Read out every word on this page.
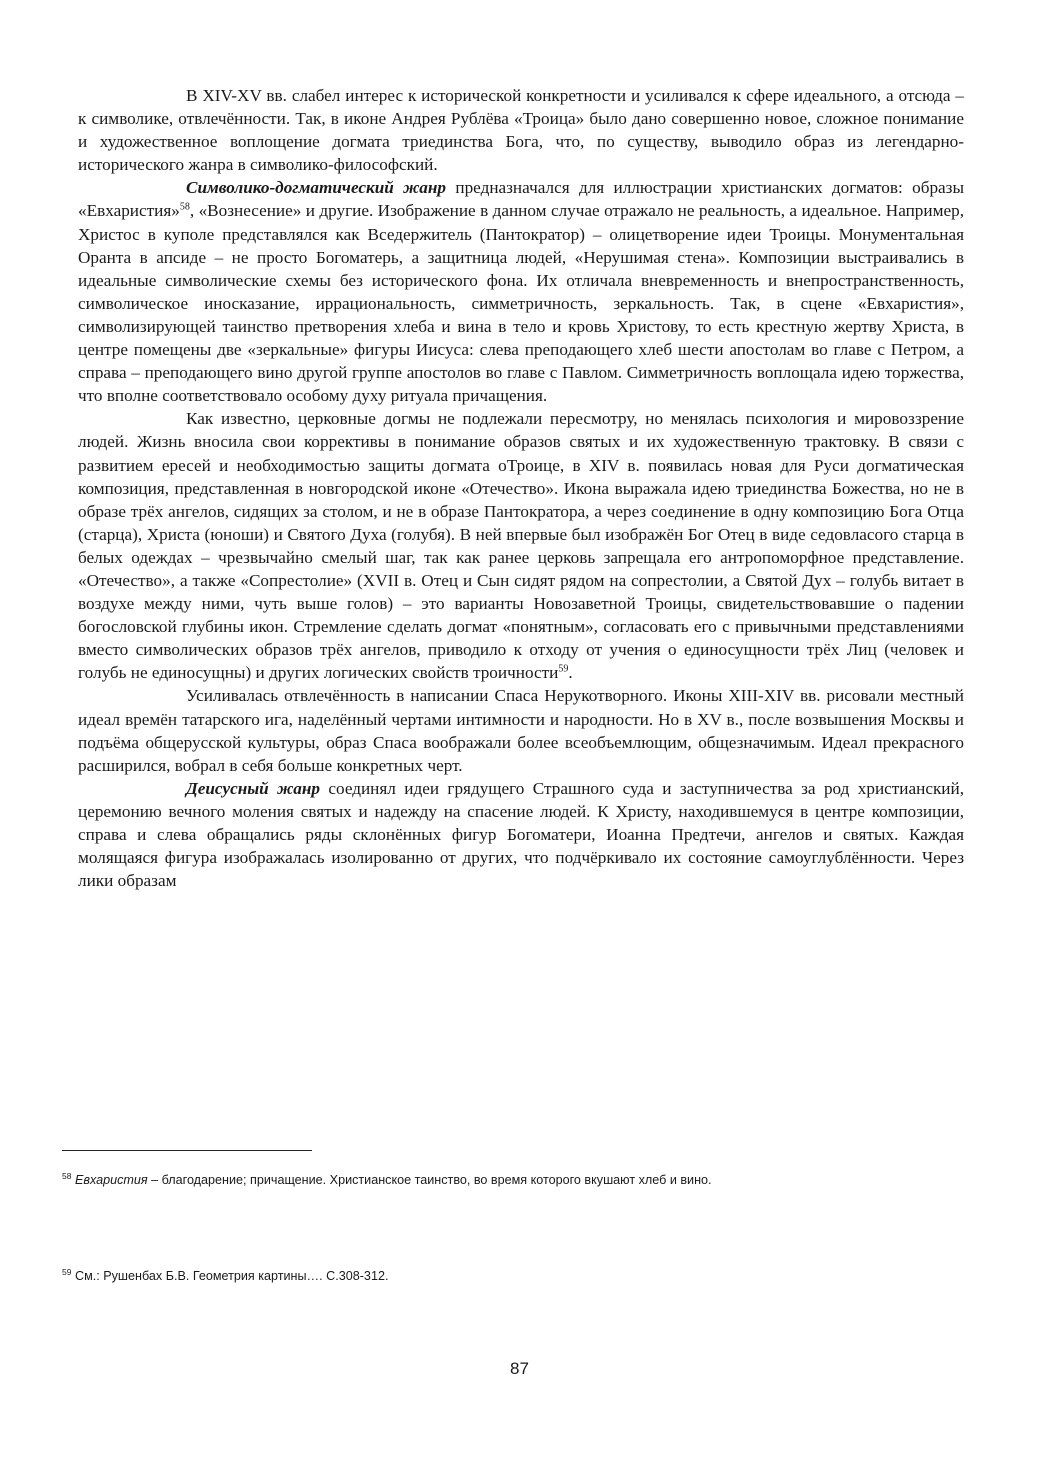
В XIV-XV вв. слабел интерес к исторической конкретности и усиливался к сфере идеального, а отсюда – к символике, отвлечённости. Так, в иконе Андрея Рублёва «Троица» было дано совершенно новое, сложное понимание и художественное воплощение догмата триединства Бога, что, по существу, выводило образ из легендарно-исторического жанра в символико-философский.

Символико-догматический жанр предназначался для иллюстрации христианских догматов: образы «Евхаристия»$^{58}$, «Вознесение» и другие. Изображение в данном случае отражало не реальность, а идеальное. Например, Христос в куполе представлялся как Вседержитель (Пантократор) – олицетворение идеи Троицы. Монументальная Оранта в апсиде – не просто Богоматерь, а защитница людей, «Нерушимая стена». Композиции выстраивались в идеальные символические схемы без исторического фона. Их отличала вневременность и внепространственность, символическое иносказание, иррациональность, симметричность, зеркальность. Так, в сцене «Евхаристия», символизирующей таинство претворения хлеба и вина в тело и кровь Христову, то есть крестную жертву Христа, в центре помещены две «зеркальные» фигуры Иисуса: слева преподающего хлеб шести апостолам во главе с Петром, а справа – преподающего вино другой группе апостолов во главе с Павлом. Симметричность воплощала идею торжества, что вполне соответствовало особому духу ритуала причащения.

Как известно, церковные догмы не подлежали пересмотру, но менялась психология и мировоззрение людей. Жизнь вносила свои коррективы в понимание образов святых и их художественную трактовку. В связи с развитием ересей и необходимостью защиты догмата оТроице, в XIV в. появилась новая для Руси догматическая композиция, представленная в новгородской иконе «Отечество». Икона выражала идею триединства Божества, но не в образе трёх ангелов, сидящих за столом, и не в образе Пантократора, а через соединение в одну композицию Бога Отца (старца), Христа (юноши) и Святого Духа (голубя). В ней впервые был изображён Бог Отец в виде седовласого старца в белых одеждах – чрезвычайно смелый шаг, так как ранее церковь запрещала его антропоморфное представление. «Отечество», а также «Сопрестолие» (XVII в. Отец и Сын сидят рядом на сопрестолии, а Святой Дух – голубь витает в воздухе между ними, чуть выше голов) – это варианты Новозаветной Троицы, свидетельствовавшие о падении богословской глубины икон. Стремление сделать догмат «понятным», согласовать его с привычными представлениями вместо символических образов трёх ангелов, приводило к отходу от учения о единосущности трёх Лиц (человек и голубь не единосущны) и других логических свойств троичности$^{59}$.

Усиливалась отвлечённость в написании Спаса Нерукотворного. Иконы XIII-XIV вв. рисовали местный идеал времён татарского ига, наделённый чертами интимности и народности. Но в XV в., после возвышения Москвы и подъёма общерусской культуры, образ Спаса воображали более всеобъемлющим, общезначимым. Идеал прекрасного расширился, вобрал в себя больше конкретных черт.

Деисусный жанр соединял идеи грядущего Страшного суда и заступничества за род христианский, церемонию вечного моления святых и надежду на спасение людей. К Христу, находившемуся в центре композиции, справа и слева обращались ряды склонённых фигур Богоматери, Иоанна Предтечи, ангелов и святых. Каждая молящаяся фигура изображалась изолированно от других, что подчёркивало их состояние самоуглублённости. Через лики образам

$^{58}$ Евхаристия – благодарение; причащение. Христианское таинство, во время которого вкушают хлеб и вино.
$^{59}$ См.: Рушенбах Б.В. Геометрия картины…. С.308-312.
87
